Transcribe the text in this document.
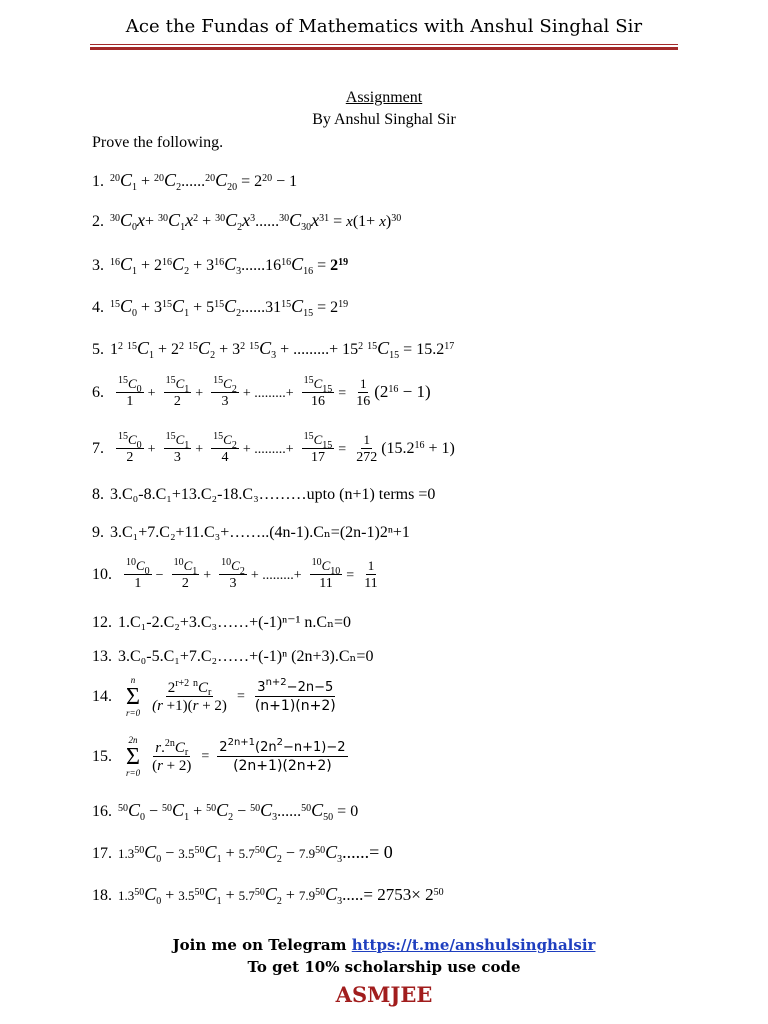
Ace the Fundas of Mathematics with Anshul Singhal Sir
Assignment
By Anshul Singhal Sir
Prove the following.
1. $^{20}C_1 + ^{20}C_2......^{20}C_{20} = 2^{20} - 1$
2. $^{30}C_0x+ ^{30}C_1x^2 + ^{30}C_2x^3......^{30}C_{30}x^{31} = x(1+ x)^{30}$
3. $^{16}C_1 + 2^{16}C_2 + 3^{16}C_3......16^{16}C_{16} = 2^{19}$
4. $^{15}C_0 + 3^{15}C_1 + 5^{15}C_2......31^{15}C_{15} = 2^{19}$
5. $1^2$ $^{15}C_1 + 2^2$ $^{15}C_2 + 3^2$ $^{15}C_3$ + .........+ $15^2$ $^{15}C_{15} = 15.2^{17}$
6. $\frac{^{15}C_0}{1} + \frac{^{15}C_1}{2} + \frac{^{15}C_2}{3}$ + .........+ $\frac{^{15}C_{15}}{16} = \frac{1}{16} (2^{16} - 1)$
7. $\frac{^{15}C_0}{2} + \frac{^{15}C_1}{3} + \frac{^{15}C_2}{4}$ + .........+ $\frac{^{15}C_{15}}{17} = \frac{1}{272} (15.2^{16} + 1)$
8. 3.C₀-8.C₁+13.C₂-18.C₃………upto (n+1) terms =0
9. 3.C₁+7.C₂+11.C₃+……..(4n-1).Cₙ=(2n-1)2ⁿ+1
10. $\frac{^{10}C_0}{1} - \frac{^{10}C_1}{2} + \frac{^{10}C_2}{3}$ + .........+ $\frac{^{10}C_{10}}{11} = \frac{1}{11}$
12. 1.C₁-2.C₂+3.C₃……+(-1)ⁿ⁻¹ n.Cₙ=0
13. 3.C₀-5.C₁+7.C₂……+(-1)ⁿ (2n+3).Cₙ=0
14.
n
Σ
r=0
$\frac{2^{r+2} ^nC_r}{(r +1)(r + 2)} = \frac{3^{n+2}-2n-5}{(n+1)(n+2)}$
15.
2n
Σ
r=0
$\frac{r.^{2n}C_r}{(r + 2)} = \frac{2^{2n+1}(2n^2-n+1)-2}{(2n+1)(2n+2)}$
16. $^{50}C_0 - ^{50}C_1 + ^{50}C_2 - ^{50}C_3......^{50}C_{50} = 0$
17. $1.3^{50}C_0 - 3.5^{50}C_1 + 5.7^{50}C_2 - 7.9^{50}C_3......= 0$
18. $1.3^{50}C_0 + 3.5^{50}C_1 + 5.7^{50}C_2 + 7.9^{50}C_3.....= 2753\times 2^{50}$
Join me on Telegram https://t.me/anshulsinghalsir
To get 10% scholarship use code
ASMJEE
